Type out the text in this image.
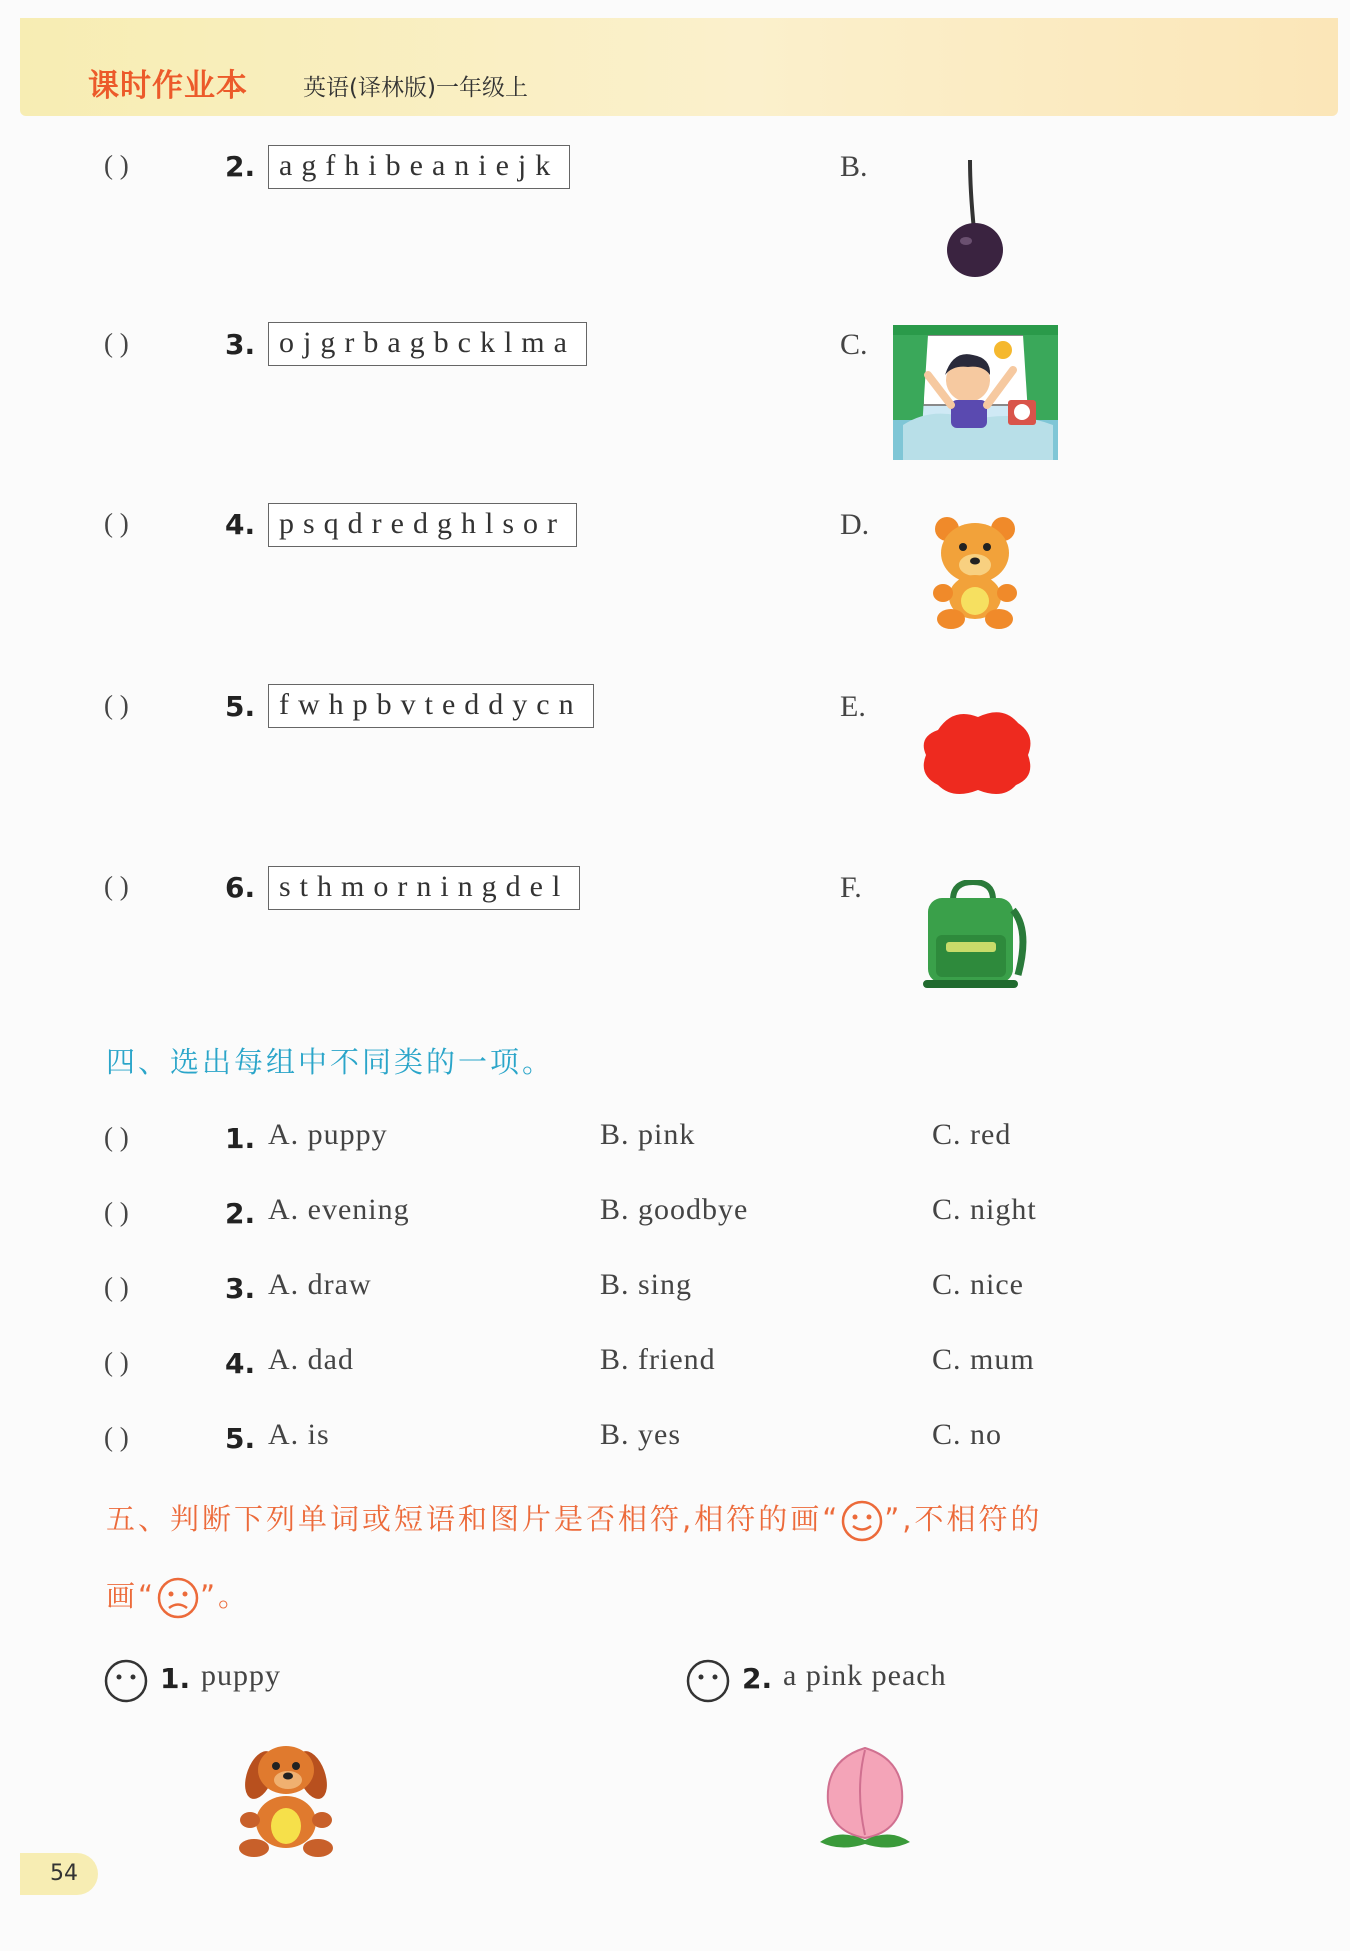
课时作业本 英语(译林版)一年级上
( )	2. agfhibeaniejk	B.
( )	3. ojgrbagbcklma	C.
( )	4. psqdredghlsor	D.
( )	5. fwhpbvteddycn	E.
( )	6. sthmorningdel	F.
四、选出每组中不同类的一项。
( )	1. A. puppy	B. pink	C. red
( )	2. A. evening	B. goodbye	C. night
( )	3. A. draw	B. sing	C. nice
( )	4. A. dad	B. friend	C. mum
( )	5. A. is	B. yes	C. no
五、判断下列单词或短语和图片是否相符,相符的画“ ”,不相符的
画“ ”。
1. puppy	2. a pink peach
54
